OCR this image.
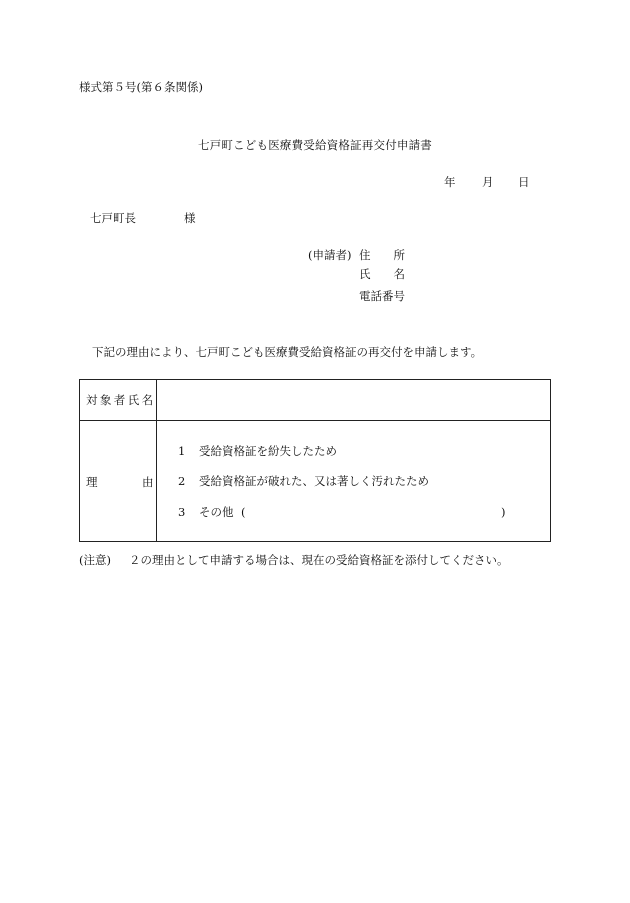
様式第５号(第６条関係)
七戸町こども医療費受給資格証再交付申請書
年 月 日
七戸町長	様
(申請者) 住　　所
氏　　名
電話番号
下記の理由により、七戸町こども医療費受給資格証の再交付を申請します。
対象者氏名
理	由
1 受給資格証を紛失したため
2 受給資格証が破れた、又は著しく汚れたため
3 その他 (	)
(注意) ２の理由として申請する場合は、現在の受給資格証を添付してください。
